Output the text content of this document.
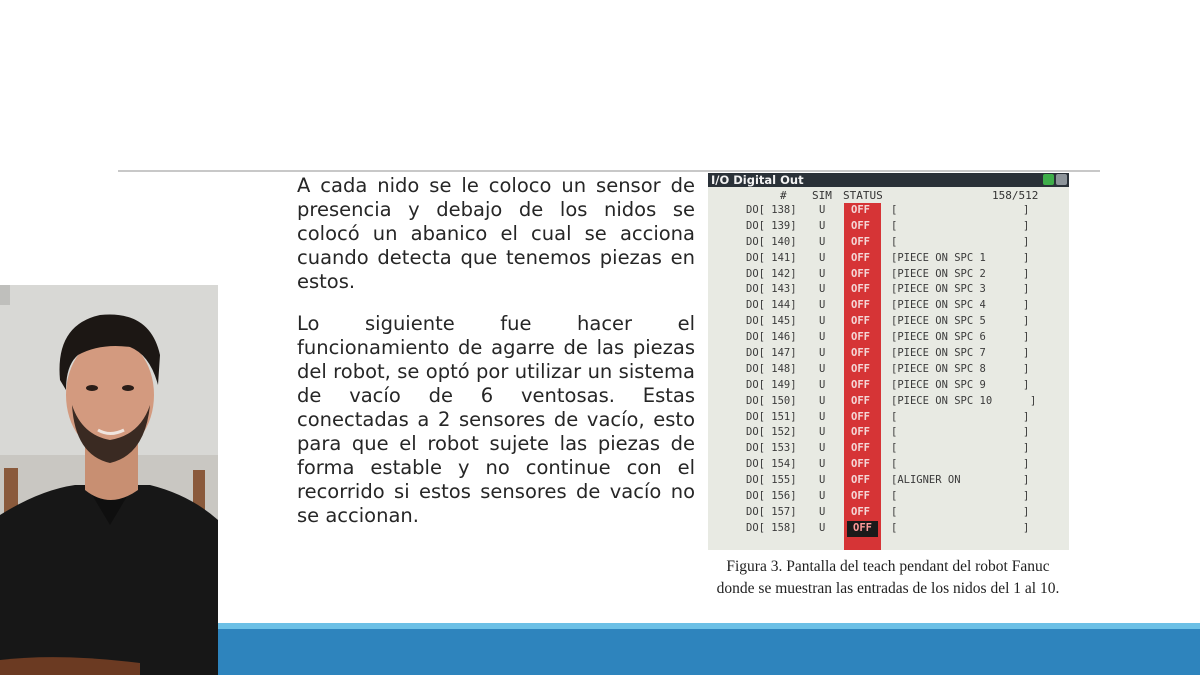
A cada nido se le coloco un sensor de presencia y debajo de los nidos se colocó un abanico el cual se acciona cuando detecta que tenemos piezas en estos.

Lo siguiente fue hacer el funcionamiento de agarre de las piezas del robot, se optó por utilizar un sistema de vacío de 6 ventosas. Estas conectadas a 2 sensores de vacío, esto para que el robot sujete las piezas de forma estable y no continue con el recorrido si estos sensores de vacío no se accionan.

I/O Digital Out
# SIM STATUS	158/512
DO[ 138] U OFF [	]
DO[ 139] U OFF [	]
DO[ 140] U OFF [	]
DO[ 141] U OFF [PIECE ON SPC 1	]
DO[ 142] U OFF [PIECE ON SPC 2	]
DO[ 143] U OFF [PIECE ON SPC 3	]
DO[ 144] U OFF [PIECE ON SPC 4	]
DO[ 145] U OFF [PIECE ON SPC 5	]
DO[ 146] U OFF [PIECE ON SPC 6	]
DO[ 147] U OFF [PIECE ON SPC 7	]
DO[ 148] U OFF [PIECE ON SPC 8	]
DO[ 149] U OFF [PIECE ON SPC 9	]
DO[ 150] U OFF [PIECE ON SPC 10	]
DO[ 151] U OFF [	]
DO[ 152] U OFF [	]
DO[ 153] U OFF [	]
DO[ 154] U OFF [	]
DO[ 155] U OFF [ALIGNER ON	]
DO[ 156] U OFF [	]
DO[ 157] U OFF [	]
DO[ 158] U	OFF	[	]
Figura 3. Pantalla del teach pendant del robot Fanuc
donde se muestran las entradas de los nidos del 1 al 10.
